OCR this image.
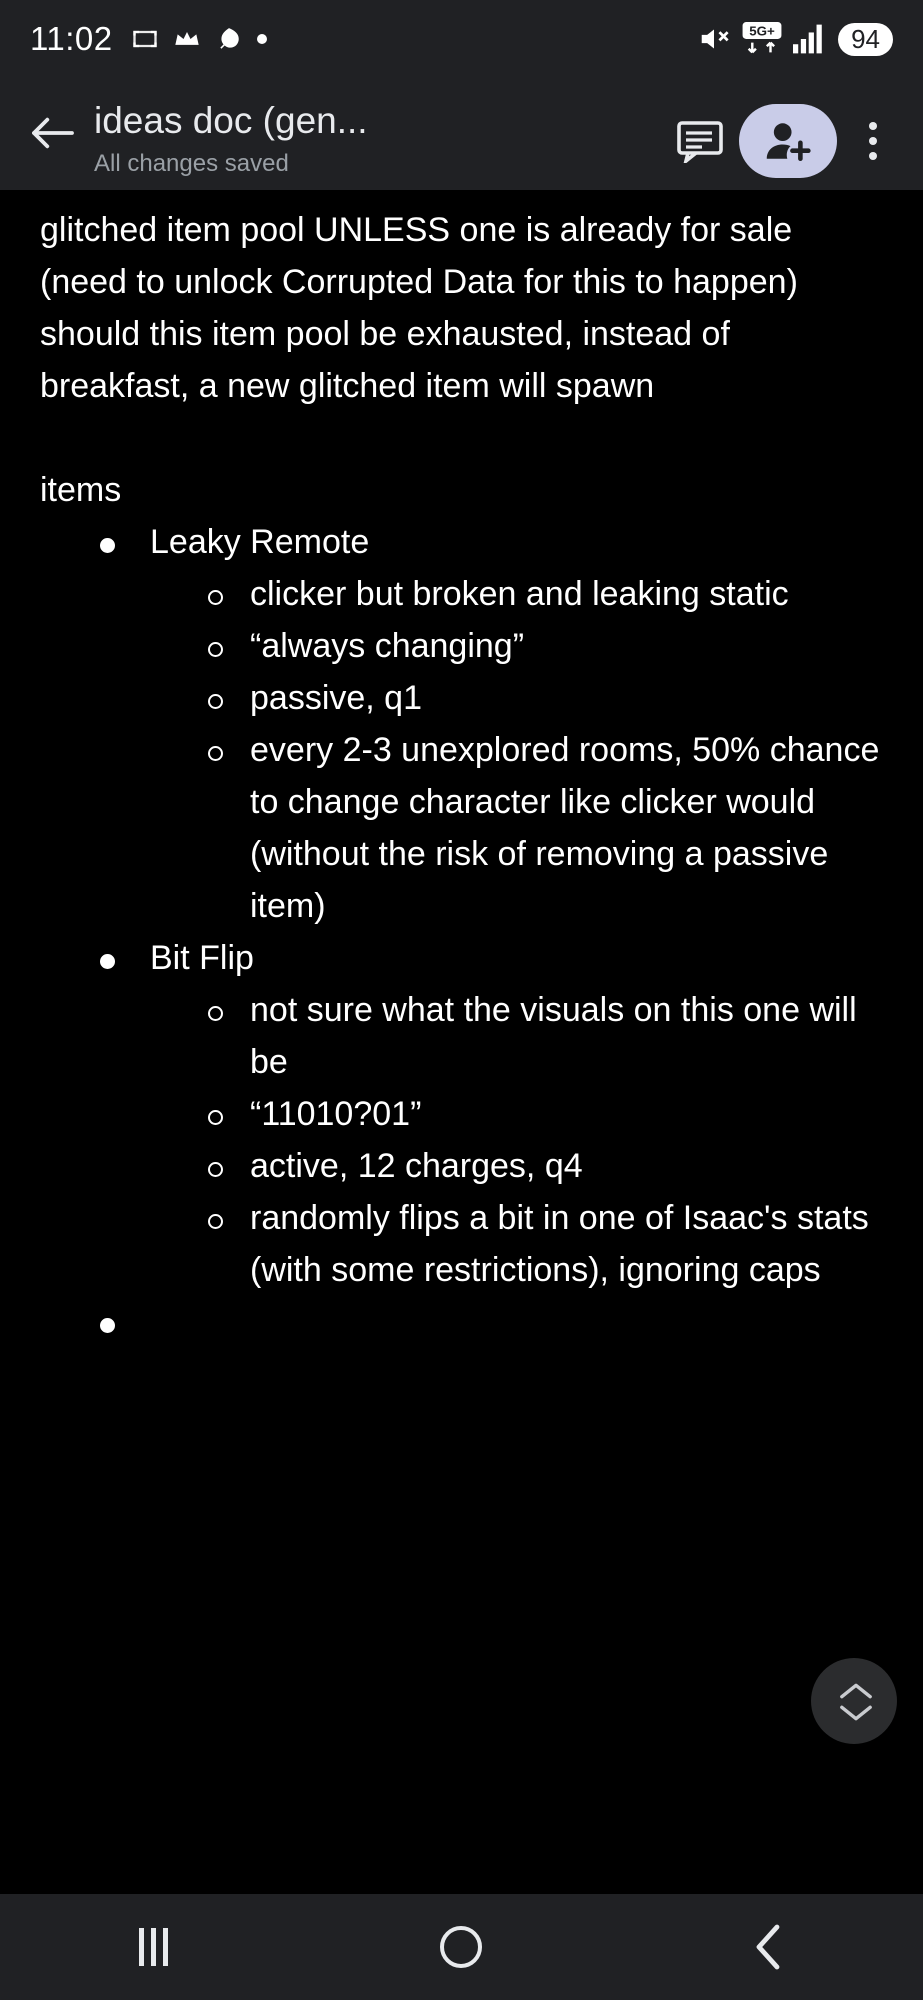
11:02	5G+	94
ideas doc (gen...
All changes saved
glitched item pool UNLESS one is already for sale (need to unlock Corrupted Data for this to happen)
should this item pool be exhausted, instead of breakfast, a new glitched item will spawn
items
Leaky Remote
clicker but broken and leaking static
“always changing”
passive, q1
every 2-3 unexplored rooms, 50% chance to change character like clicker would (without the risk of removing a passive item)
Bit Flip
not sure what the visuals on this one will be
“11010?01”
active, 12 charges, q4
randomly flips a bit in one of Isaac's stats (with some restrictions), ignoring caps
